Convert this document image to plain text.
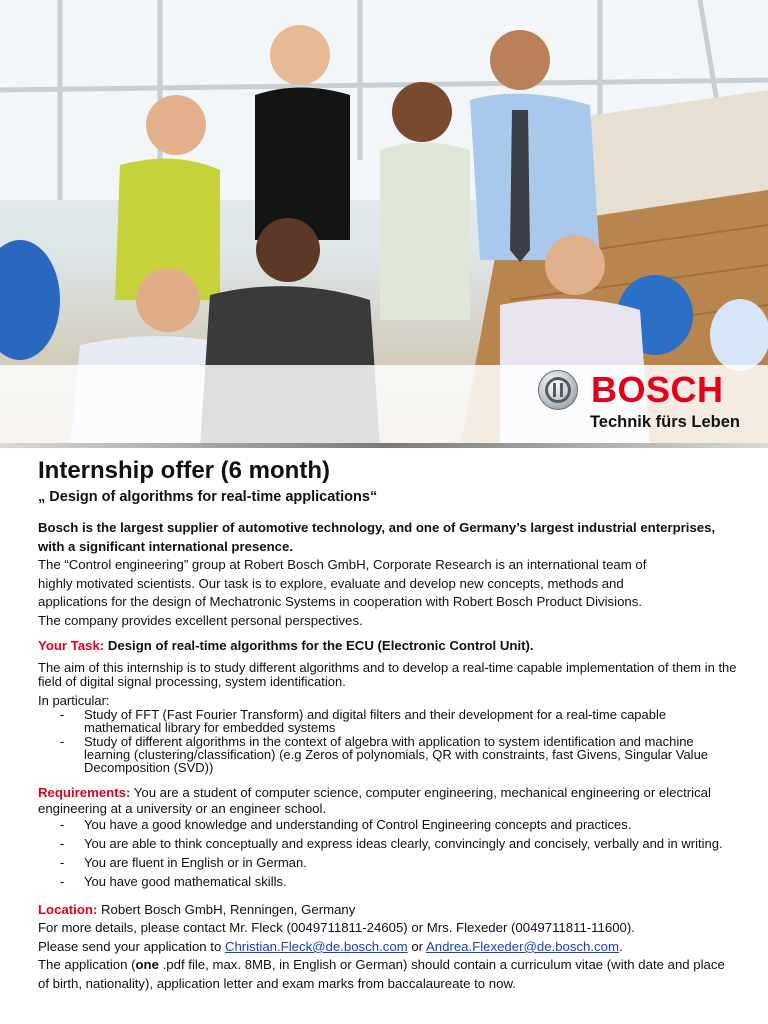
BOSCH
Technik fürs Leben
Internship offer (6 month)
„ Design of algorithms for real-time applications“

Bosch is the largest supplier of automotive technology, and one of Germany’s largest industrial enterprises, with a significant international presence.

The “Control engineering” group at Robert Bosch GmbH, Corporate Research is an international team of

highly motivated scientists. Our task is to explore, evaluate and develop new concepts, methods and

applications for the design of Mechatronic Systems in cooperation with Robert Bosch Product Divisions.

The company provides excellent personal perspectives.

Your Task: Design of real-time algorithms for the ECU (Electronic Control Unit).

The aim of this internship is to study different algorithms and to develop a real-time capable implementation of them in the field of digital signal processing, system identification.

In particular:

- Study of FFT (Fast Fourier Transform) and digital filters and their development for a real-time capable mathematical library for embedded systems
- Study of different algorithms in the context of algebra with application to system identification and machine learning (clustering/classification) (e.g Zeros of polynomials, QR with constraints, fast Givens, Singular Value Decomposition (SVD))

Requirements: You are a student of computer science, computer engineering, mechanical engineering or electrical engineering at a university or an engineer school.

- You have a good knowledge and understanding of Control Engineering concepts and practices.
- You are able to think conceptually and express ideas clearly, convincingly and concisely, verbally and in writing.
- You are fluent in English or in German.
- You have good mathematical skills.

Location: Robert Bosch GmbH, Renningen, Germany

For more details, please contact Mr. Fleck (0049711811-24605) or Mrs. Flexeder (0049711811-11600).

Please send your application to Christian.Fleck@de.bosch.com or Andrea.Flexeder@de.bosch.com.

The application (one .pdf file, max. 8MB, in English or German) should contain a curriculum vitae (with date and place of birth, nationality), application letter and exam marks from baccalaureate to now.
